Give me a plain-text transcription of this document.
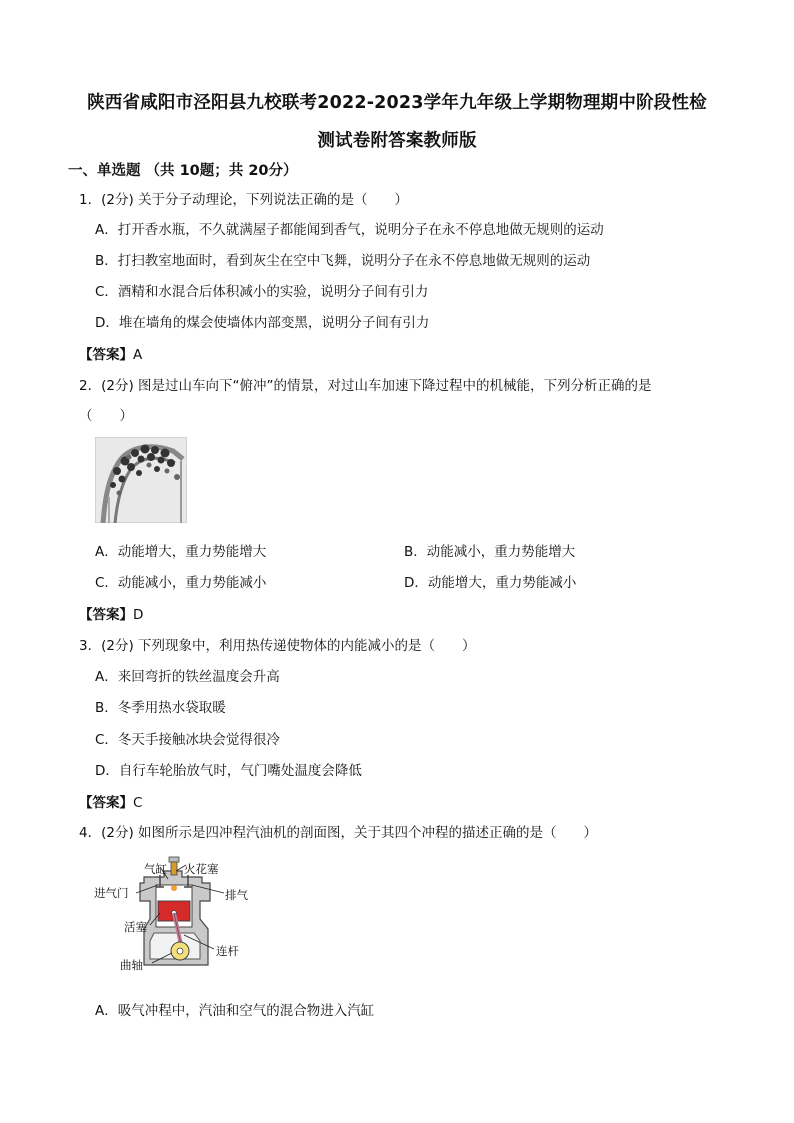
陕西省咸阳市泾阳县九校联考2022-2023学年九年级上学期物理期中阶段性检
测试卷附答案教师版
一、单选题 （共 10题；共 20分）
1．(2分) 关于分子动理论，下列说法正确的是（　　）
A．打开香水瓶，不久就满屋子都能闻到香气，说明分子在永不停息地做无规则的运动
B．打扫教室地面时，看到灰尘在空中飞舞，说明分子在永不停息地做无规则的运动
C．酒精和水混合后体积减小的实验，说明分子间有引力
D．堆在墙角的煤会使墙体内部变黑，说明分子间有引力
【答案】A
2．(2分) 图是过山车向下“俯冲”的情景，对过山车加速下降过程中的机械能，下列分析正确的是
（　　）
A．动能增大，重力势能增大	B．动能减小，重力势能增大
C．动能减小，重力势能减小	D．动能增大，重力势能减小
【答案】D
3．(2分) 下列现象中，利用热传递使物体的内能减小的是（　　）
A．来回弯折的铁丝温度会升高
B．冬季用热水袋取暖
C．冬天手接触冰块会觉得很冷
D．自行车轮胎放气时，气门嘴处温度会降低
【答案】C
4．(2分) 如图所示是四冲程汽油机的剖面图，关于其四个冲程的描述正确的是（　　）
气缸 火花塞
进气门	排气
活塞
连杆
曲轴
A．吸气冲程中，汽油和空气的混合物进入汽缸
